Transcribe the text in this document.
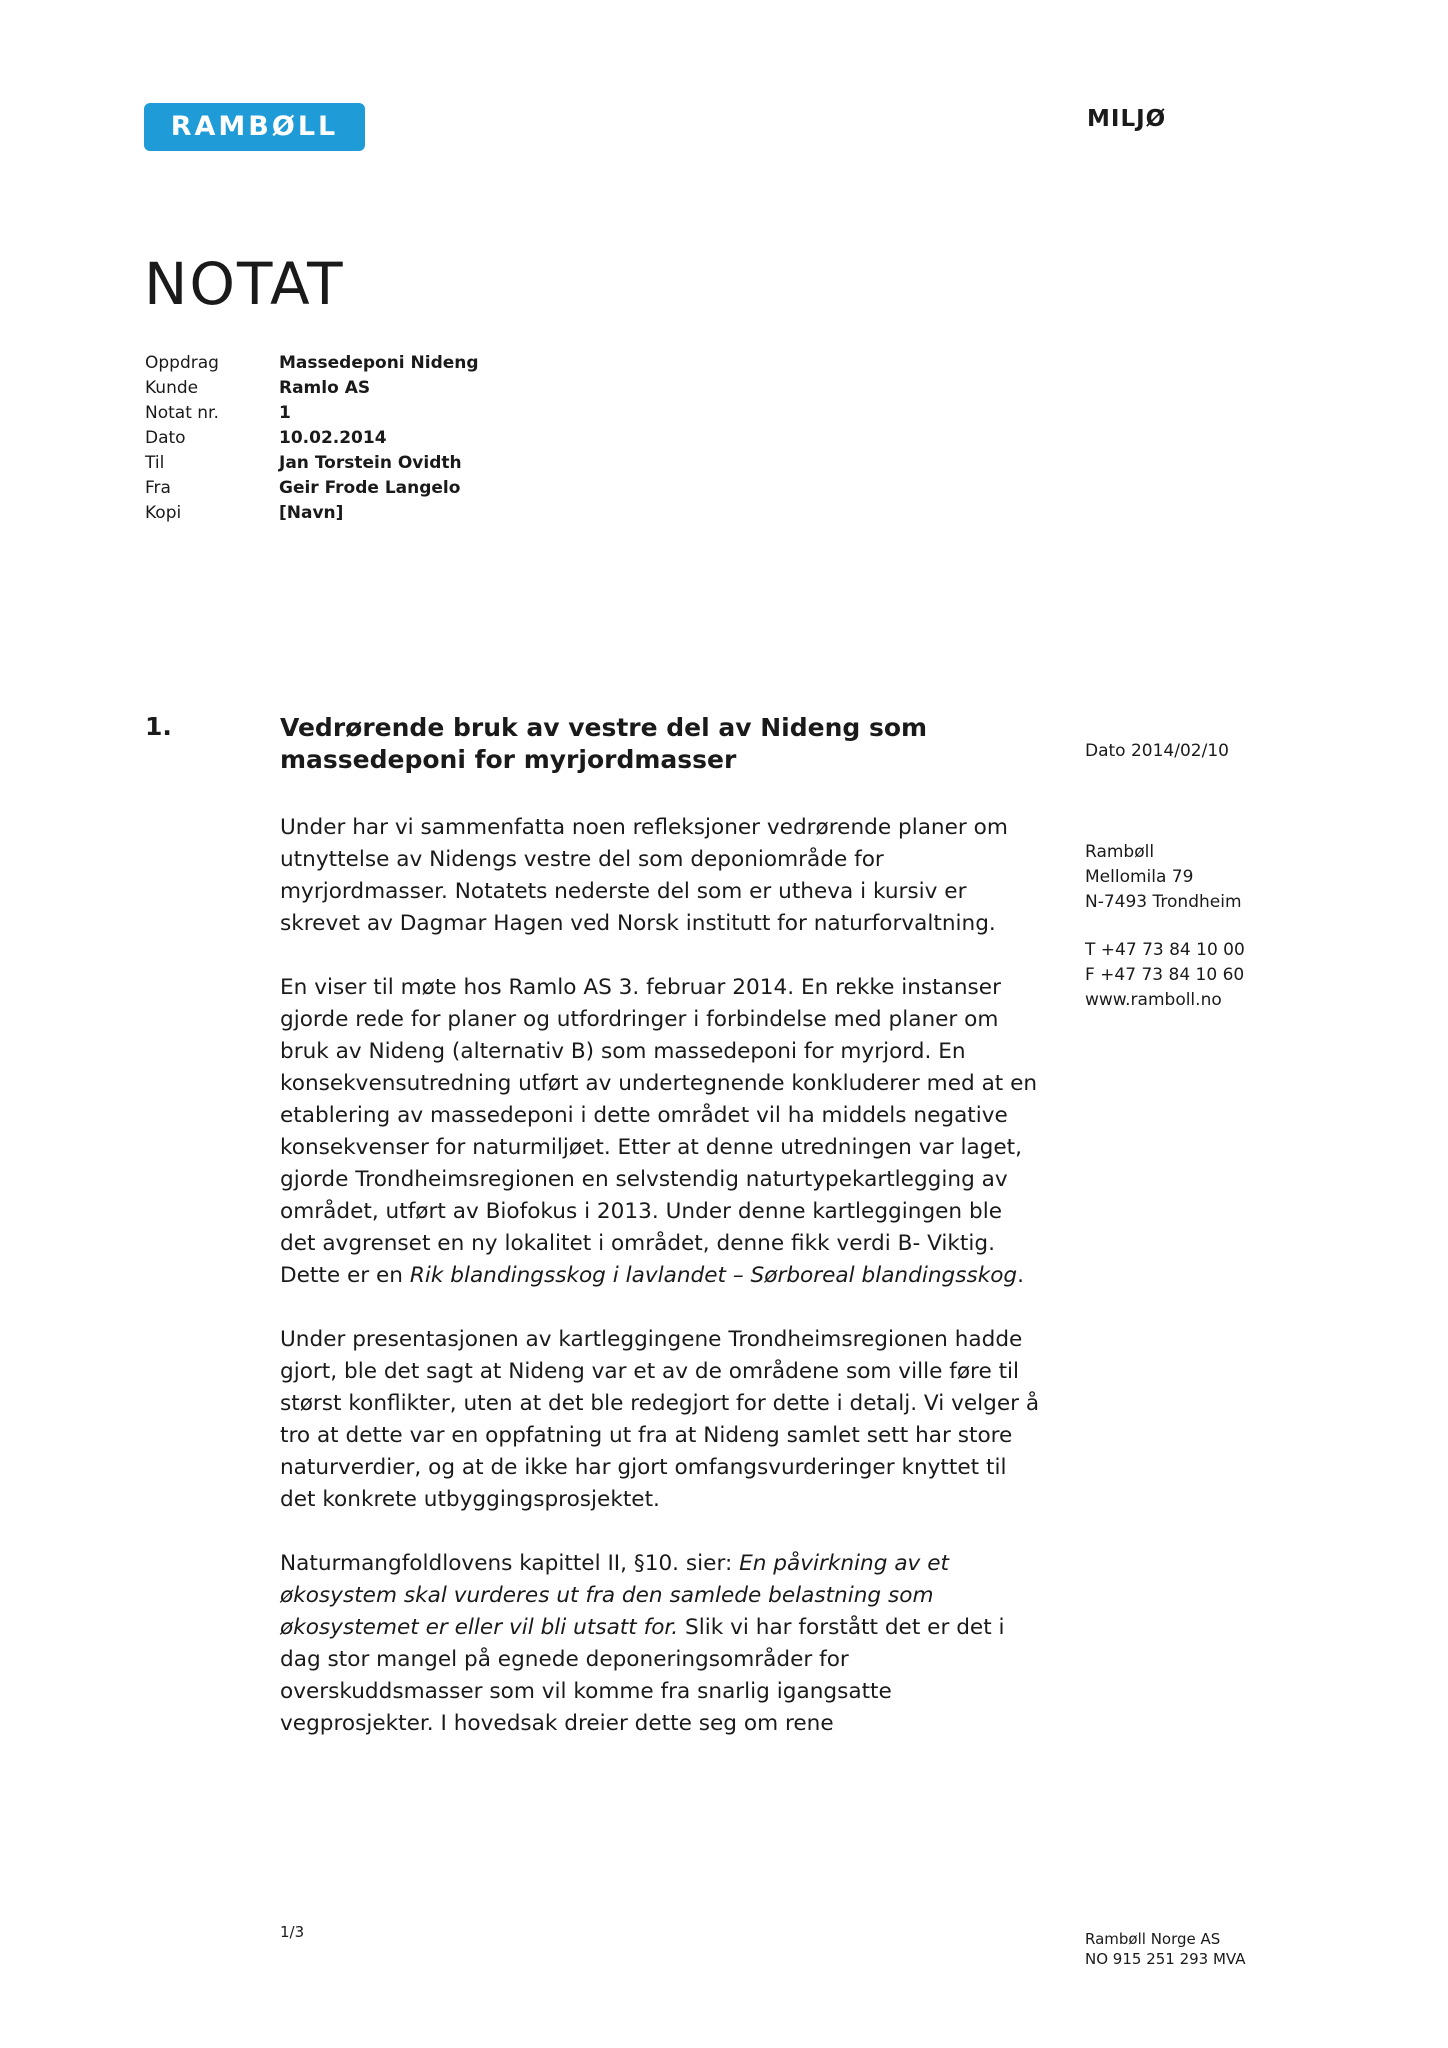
RAMBØLL	MILJØ
NOTAT
Oppdrag	Massedeponi Nideng
Kunde	Ramlo AS
Notat nr.	1
Dato	10.02.2014
Til	Jan Torstein Ovidth
Fra	Geir Frode Langelo
Kopi	[Navn]
1.	Vedrørende bruk av vestre del av Nideng som
massedeponi for myrjordmasser	Dato 2014/02/10
Rambøll
Mellomila 79
N-7493 Trondheim
T +47 73 84 10 00
F +47 73 84 10 60
www.ramboll.no

Under har vi sammenfatta noen refleksjoner vedrørende planer om utnyttelse av Nidengs vestre del som deponiområde for myrjordmasser. Notatets nederste del som er utheva i kursiv er skrevet av Dagmar Hagen ved Norsk institutt for naturforvaltning.

En viser til møte hos Ramlo AS 3. februar 2014. En rekke instanser gjorde rede for planer og utfordringer i forbindelse med planer om bruk av Nideng (alternativ B) som massedeponi for myrjord. En konsekvensutredning utført av undertegnende konkluderer med at en etablering av massedeponi i dette området vil ha middels negative konsekvenser for naturmiljøet. Etter at denne utredningen var laget, gjorde Trondheimsregionen en selvstendig naturtypekartlegging av området, utført av Biofokus i 2013. Under denne kartleggingen ble det avgrenset en ny lokalitet i området, denne fikk verdi B- Viktig. Dette er en Rik blandingsskog i lavlandet – Sørboreal blandingsskog.

Under presentasjonen av kartleggingene Trondheimsregionen hadde gjort, ble det sagt at Nideng var et av de områdene som ville føre til størst konflikter, uten at det ble redegjort for dette i detalj. Vi velger å tro at dette var en oppfatning ut fra at Nideng samlet sett har store naturverdier, og at de ikke har gjort omfangsvurderinger knyttet til det konkrete utbyggingsprosjektet.

Naturmangfoldlovens kapittel II, §10. sier: En påvirkning av et økosystem skal vurderes ut fra den samlede belastning som økosystemet er eller vil bli utsatt for. Slik vi har forstått det er det i dag stor mangel på egnede deponeringsområder for overskuddsmasser som vil komme fra snarlig igangsatte vegprosjekter. I hovedsak dreier dette seg om rene

1/3	Rambøll Norge AS
NO 915 251 293 MVA
